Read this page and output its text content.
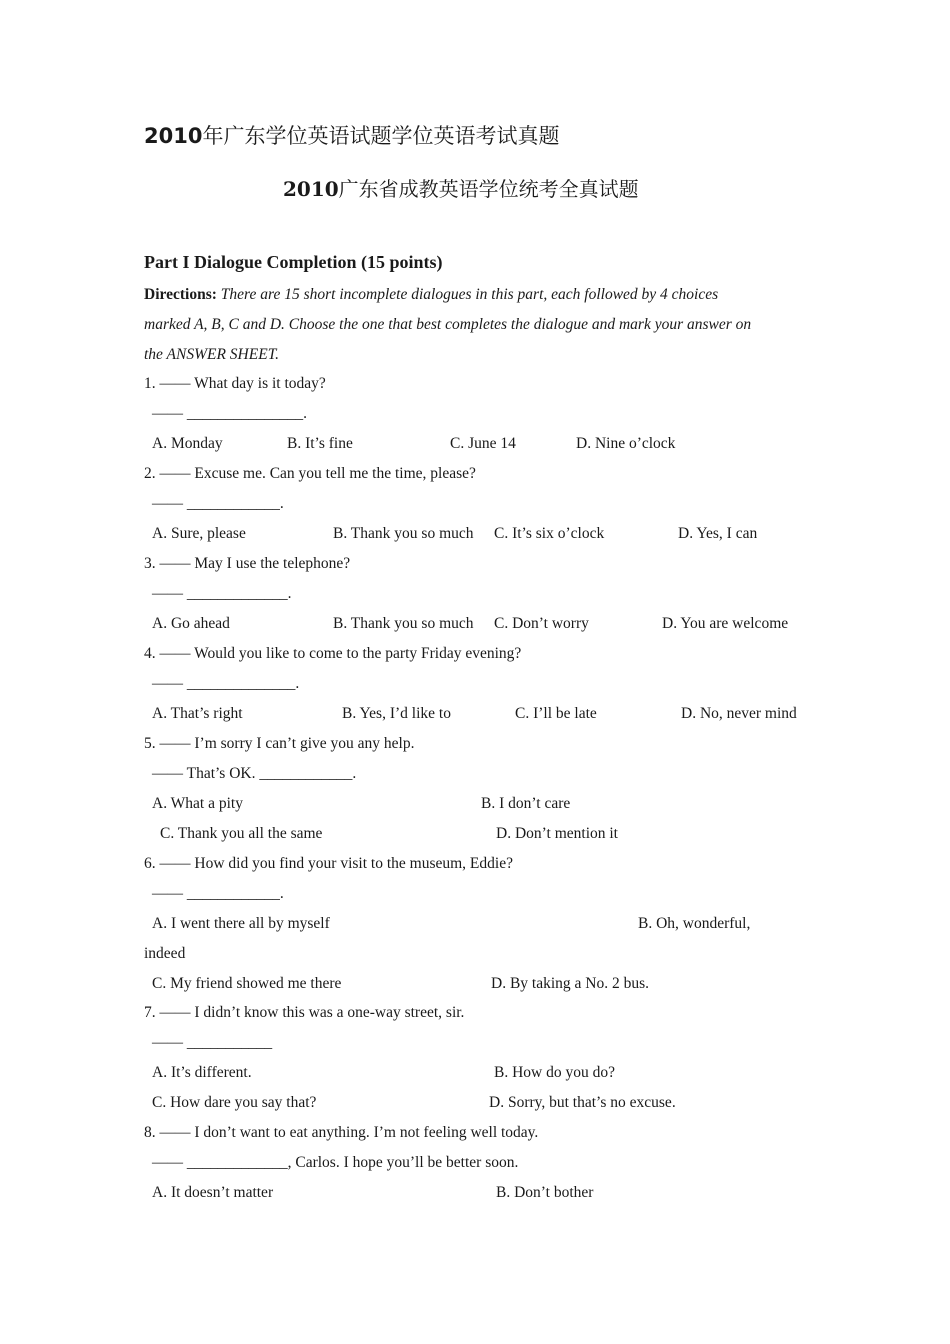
2010年广东学位英语试题学位英语考试真题
2010广东省成教英语学位统考全真试题
Part I Dialogue Completion (15 points)
Directions: There are 15 short incomplete dialogues in this part, each followed by 4 choices
marked A, B, C and D. Choose the one that best completes the dialogue and mark your answer on
the ANSWER SHEET.
1. —— What day is it today?
—— _______________.
A. Monday	B. It’s fine	C. June 14	D. Nine o’clock
2. —— Excuse me. Can you tell me the time, please?
—— ____________.
A. Sure, please	B. Thank you so much C. It’s six o’clock	D. Yes, I can
3. —— May I use the telephone?
—— _____________.
A. Go ahead	B. Thank you so much C. Don’t worry	D. You are welcome
4. —— Would you like to come to the party Friday evening?
—— ______________.
A. That’s right	B. Yes, I’d like to	C. I’ll be late	D. No, never mind
5. —— I’m sorry I can’t give you any help.
—— That’s OK. ____________.
A. What a pity	B. I don’t care
C. Thank you all the same	D. Don’t mention it
6. —— How did you find your visit to the museum, Eddie?
—— ____________.
A. I went there all by myself	B. Oh, wonderful,
indeed
C. My friend showed me there	D. By taking a No. 2 bus.
7. —— I didn’t know this was a one-way street, sir.
—— ___________
A. It’s different.	B. How do you do?
C. How dare you say that?	D. Sorry, but that’s no excuse.
8. —— I don’t want to eat anything. I’m not feeling well today.
—— _____________, Carlos. I hope you’ll be better soon.
A. It doesn’t matter	B. Don’t bother
